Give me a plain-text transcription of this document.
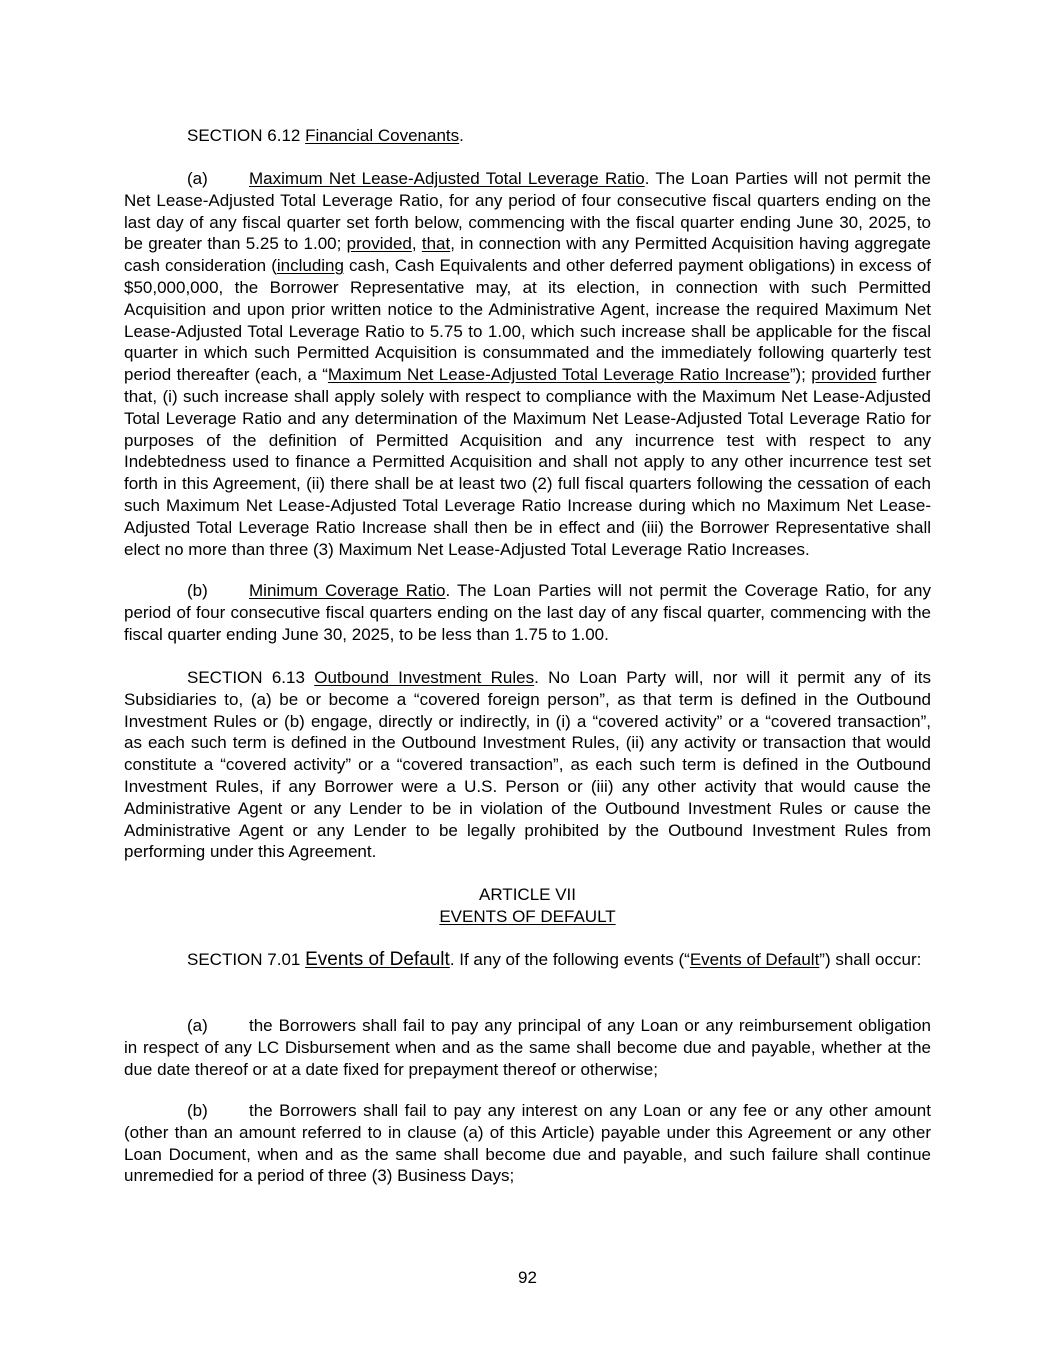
SECTION 6.12 Financial Covenants.

(a) Maximum Net Lease-Adjusted Total Leverage Ratio. The Loan Parties will not permit the Net Lease-Adjusted Total Leverage Ratio, for any period of four consecutive fiscal quarters ending on the last day of any fiscal quarter set forth below, commencing with the fiscal quarter ending June 30, 2025, to be greater than 5.25 to 1.00; provided, that, in connection with any Permitted Acquisition having aggregate cash consideration (including cash, Cash Equivalents and other deferred payment obligations) in excess of $50,000,000, the Borrower Representative may, at its election, in connection with such Permitted Acquisition and upon prior written notice to the Administrative Agent, increase the required Maximum Net Lease-Adjusted Total Leverage Ratio to 5.75 to 1.00, which such increase shall be applicable for the fiscal quarter in which such Permitted Acquisition is consummated and the immediately following quarterly test period thereafter (each, a “Maximum Net Lease-Adjusted Total Leverage Ratio Increase”); provided further that, (i) such increase shall apply solely with respect to compliance with the Maximum Net Lease-Adjusted Total Leverage Ratio and any determination of the Maximum Net Lease-Adjusted Total Leverage Ratio for purposes of the definition of Permitted Acquisition and any incurrence test with respect to any Indebtedness used to finance a Permitted Acquisition and shall not apply to any other incurrence test set forth in this Agreement, (ii) there shall be at least two (2) full fiscal quarters following the cessation of each such Maximum Net Lease-Adjusted Total Leverage Ratio Increase during which no Maximum Net Lease-Adjusted Total Leverage Ratio Increase shall then be in effect and (iii) the Borrower Representative shall elect no more than three (3) Maximum Net Lease-Adjusted Total Leverage Ratio Increases.

(b) Minimum Coverage Ratio. The Loan Parties will not permit the Coverage Ratio, for any period of four consecutive fiscal quarters ending on the last day of any fiscal quarter, commencing with the fiscal quarter ending June 30, 2025, to be less than 1.75 to 1.00.

SECTION 6.13 Outbound Investment Rules. No Loan Party will, nor will it permit any of its Subsidiaries to, (a) be or become a “covered foreign person”, as that term is defined in the Outbound Investment Rules or (b) engage, directly or indirectly, in (i) a “covered activity” or a “covered transaction”, as each such term is defined in the Outbound Investment Rules, (ii) any activity or transaction that would constitute a “covered activity” or a “covered transaction”, as each such term is defined in the Outbound Investment Rules, if any Borrower were a U.S. Person or (iii) any other activity that would cause the Administrative Agent or any Lender to be in violation of the Outbound Investment Rules or cause the Administrative Agent or any Lender to be legally prohibited by the Outbound Investment Rules from performing under this Agreement.

ARTICLE VII

EVENTS OF DEFAULT

SECTION 7.01 Events of Default. If any of the following events (“Events of Default”) shall occur:

(a) the Borrowers shall fail to pay any principal of any Loan or any reimbursement obligation in respect of any LC Disbursement when and as the same shall become due and payable, whether at the due date thereof or at a date fixed for prepayment thereof or otherwise;

(b) the Borrowers shall fail to pay any interest on any Loan or any fee or any other amount (other than an amount referred to in clause (a) of this Article) payable under this Agreement or any other Loan Document, when and as the same shall become due and payable, and such failure shall continue unremedied for a period of three (3) Business Days;

92
